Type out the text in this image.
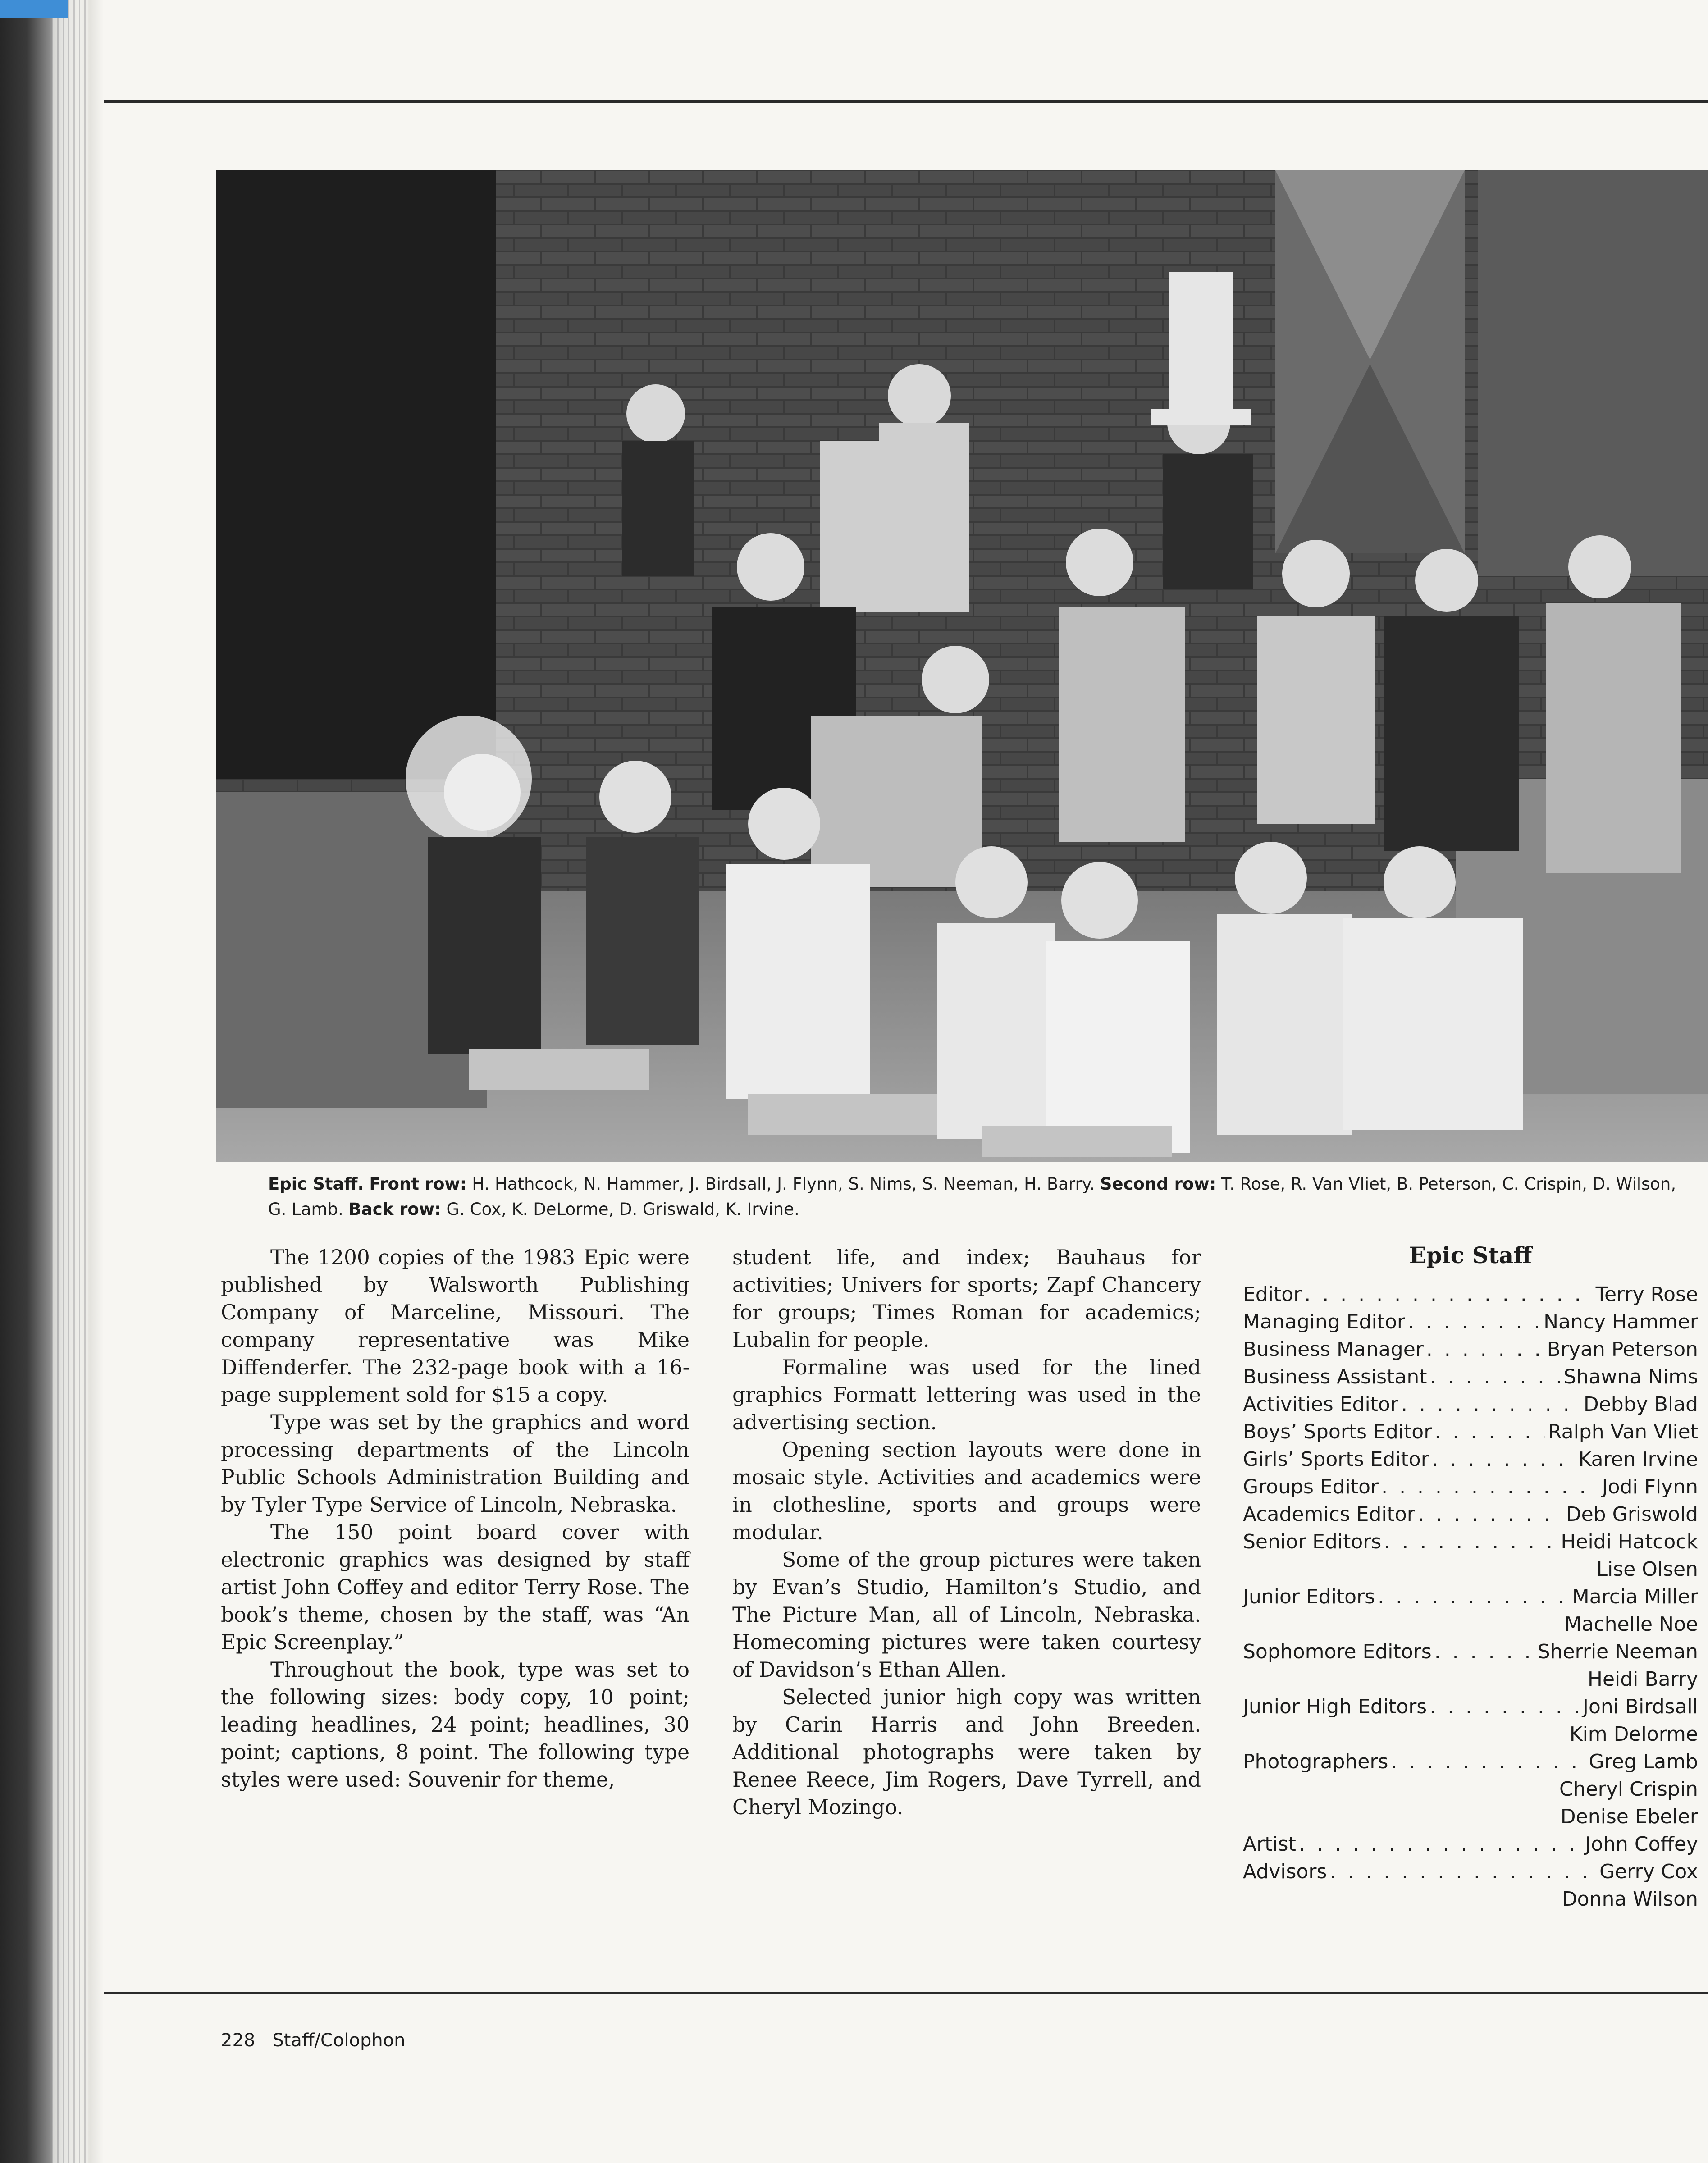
Epic Staff. Front row: H. Hathcock, N. Hammer, J. Birdsall, J. Flynn, S. Nims, S. Neeman, H. Barry. Second row: T. Rose, R. Van Vliet, B. Peterson, C. Crispin, D. Wilson, G. Lamb. Back row: G. Cox, K. DeLorme, D. Griswald, K. Irvine.

The 1200 copies of the 1983 Epic were published by Walsworth Publishing Company of Marceline, Missouri. The company representative was Mike Diffenderfer. The 232-page book with a 16-page supplement sold for $15 a copy.

Type was set by the graphics and word processing departments of the Lincoln Public Schools Administration Building and by Tyler Type Service of Lincoln, Nebraska.

The 150 point board cover with electronic graphics was designed by staff artist John Coffey and editor Terry Rose. The book’s theme, chosen by the staff, was “An Epic Screenplay.”

Throughout the book, type was set to the following sizes: body copy, 10 point; leading headlines, 24 point; headlines, 30 point; captions, 8 point. The following type styles were used: Souvenir for theme,

student life, and index; Bauhaus for activities; Univers for sports; Zapf Chancery for groups; Times Roman for academics; Lubalin for people.

Formaline was used for the lined graphics Formatt lettering was used in the advertising section.

Opening section layouts were done in mosaic style. Activities and academics were in clothesline, sports and groups were modular.

Some of the group pictures were taken by Evan’s Studio, Hamilton’s Studio, and The Picture Man, all of Lincoln, Nebraska. Homecoming pictures were taken courtesy of Davidson’s Ethan Allen.

Selected junior high copy was written by Carin Harris and John Breeden. Additional photographs were taken by Renee Reece, Jim Rogers, Dave Tyrrell, and Cheryl Mozingo.

Epic Staff
Editor . . .	Terry Rose
Managing Editor . . .	Nancy Hammer
Business Manager . . .	Bryan Peterson
Business Assistant . . .	Shawna Nims
Activities Editor . . .	Debby Blad
Boys’ Sports Editor . . .	Ralph Van Vliet
Girls’ Sports Editor . . .	Karen Irvine
Groups Editor . . .	Jodi Flynn
Academics Editor . . .	Deb Griswold
Senior Editors . . .	Heidi Hatcock
Lise Olsen
Junior Editors . . .	Marcia Miller
Machelle Noe
Sophomore Editors . . .	Sherrie Neeman
Heidi Barry
Junior High Editors . . .	Joni Birdsall
Kim Delorme
Photographers . . .	Greg Lamb
Cheryl Crispin
Denise Ebeler
Artist . . .	John Coffey
Advisors . . .	Gerry Cox
Donna Wilson
228 Staff/Colophon
